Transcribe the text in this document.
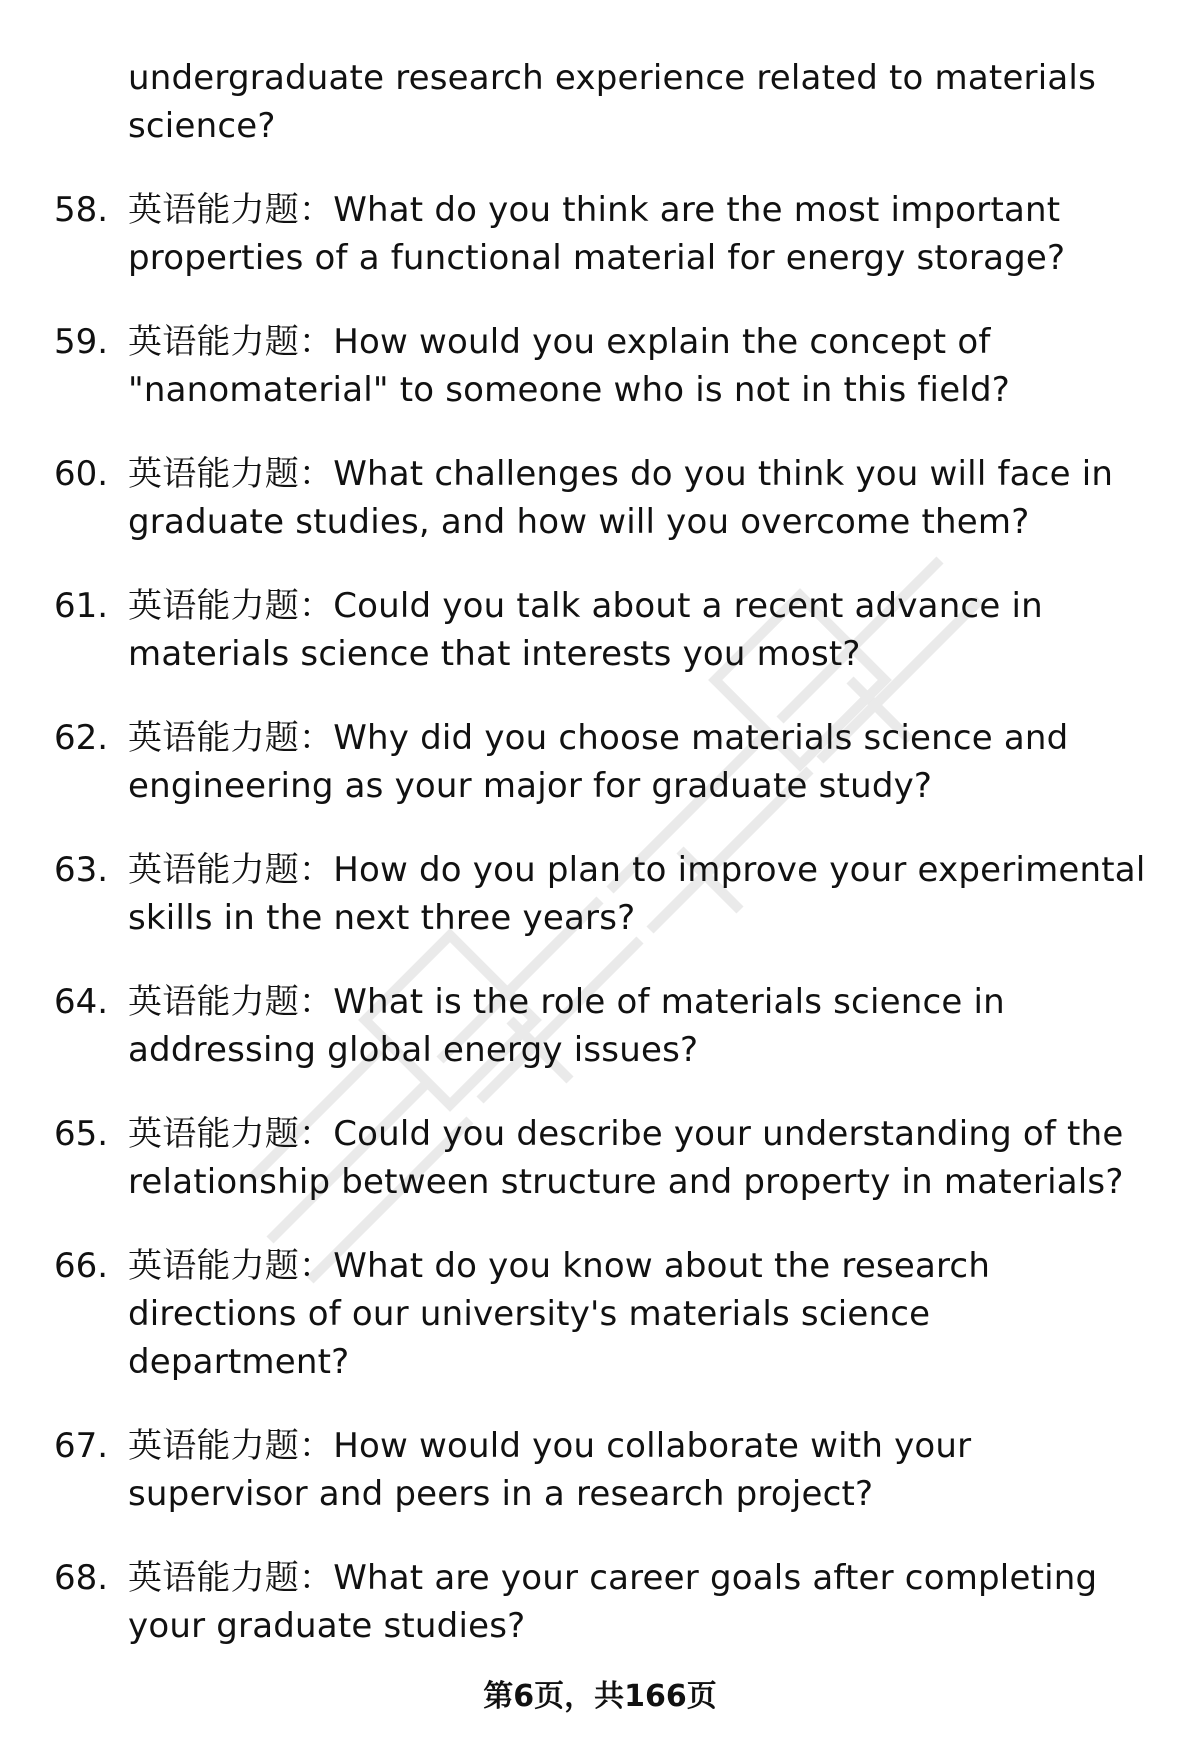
undergraduate research experience related to materials science?
58. 英语能力题：What do you think are the most important properties of a functional material for energy storage?
59. 英语能力题：How would you explain the concept of "nanomaterial" to someone who is not in this field?
60. 英语能力题：What challenges do you think you will face in graduate studies, and how will you overcome them?
61. 英语能力题：Could you talk about a recent advance in materials science that interests you most?
62. 英语能力题：Why did you choose materials science and engineering as your major for graduate study?
63. 英语能力题：How do you plan to improve your experimental skills in the next three years?
64. 英语能力题：What is the role of materials science in addressing global energy issues?
65. 英语能力题：Could you describe your understanding of the relationship between structure and property in materials?
66. 英语能力题：What do you know about the research directions of our university's materials science department?
67. 英语能力题：How would you collaborate with your supervisor and peers in a research project?
68. 英语能力题：What are your career goals after completing your graduate studies?
第6页，共166页
